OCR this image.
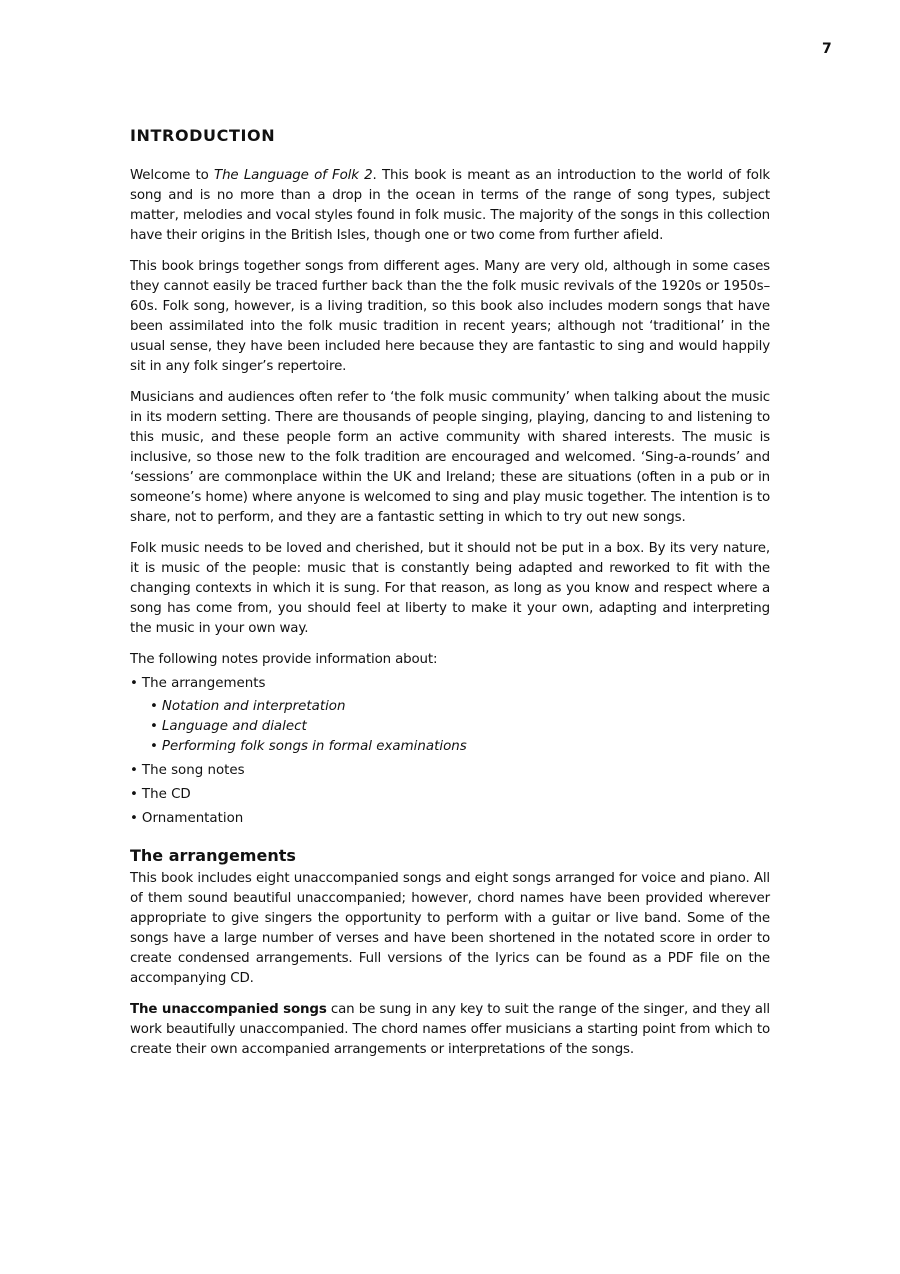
7
INTRODUCTION

Welcome to The Language of Folk 2. This book is meant as an introduction to the world of folk song and is no more than a drop in the ocean in terms of the range of song types, subject matter, melodies and vocal styles found in folk music. The majority of the songs in this collection have their origins in the British Isles, though one or two come from further afield.

This book brings together songs from different ages. Many are very old, although in some cases they cannot easily be traced further back than the the folk music revivals of the 1920s or 1950s–60s. Folk song, however, is a living tradition, so this book also includes modern songs that have been assimilated into the folk music tradition in recent years; although not ‘traditional’ in the usual sense, they have been included here because they are fantastic to sing and would happily sit in any folk singer’s repertoire.

Musicians and audiences often refer to ‘the folk music community’ when talking about the music in its modern setting. There are thousands of people singing, playing, dancing to and listening to this music, and these people form an active community with shared interests. The music is inclusive, so those new to the folk tradition are encouraged and welcomed. ‘Sing-a-rounds’ and ‘sessions’ are commonplace within the UK and Ireland; these are situations (often in a pub or in someone’s home) where anyone is welcomed to sing and play music together. The intention is to share, not to perform, and they are a fantastic setting in which to try out new songs.

Folk music needs to be loved and cherished, but it should not be put in a box. By its very nature, it is music of the people: music that is constantly being adapted and reworked to fit with the changing contexts in which it is sung. For that reason, as long as you know and respect where a song has come from, you should feel at liberty to make it your own, adapting and interpreting the music in your own way.

The following notes provide information about:

• The arrangements
• Notation and interpretation
• Language and dialect
• Performing folk songs in formal examinations
• The song notes
• The CD
• Ornamentation
The arrangements

This book includes eight unaccompanied songs and eight songs arranged for voice and piano. All of them sound beautiful unaccompanied; however, chord names have been provided wherever appropriate to give singers the opportunity to perform with a guitar or live band. Some of the songs have a large number of verses and have been shortened in the notated score in order to create condensed arrangements. Full versions of the lyrics can be found as a PDF file on the accompanying CD.

The unaccompanied songs can be sung in any key to suit the range of the singer, and they all work beautifully unaccompanied. The chord names offer musicians a starting point from which to create their own accompanied arrangements or interpretations of the songs.
